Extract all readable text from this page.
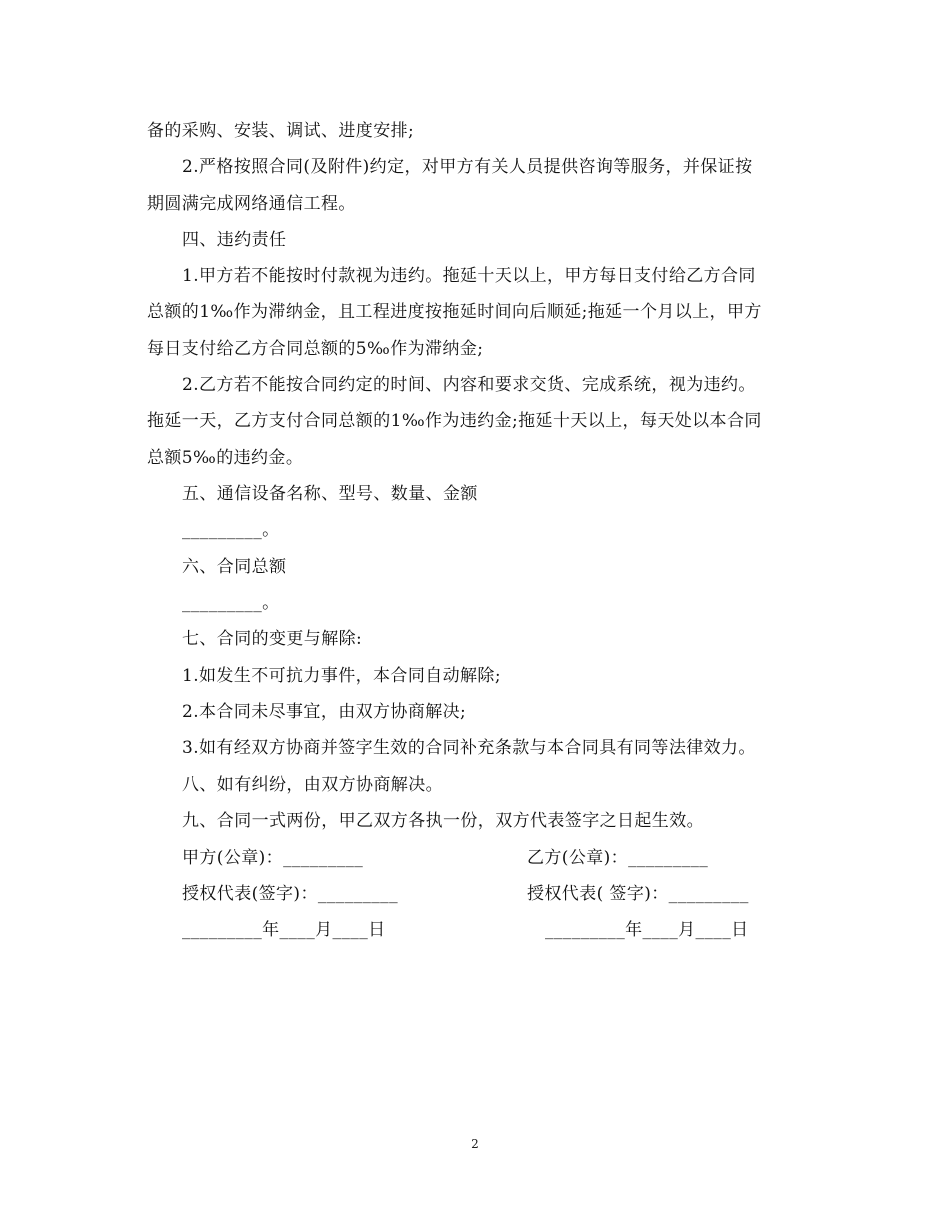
备的采购、安装、调试、进度安排;
2.严格按照合同(及附件)约定，对甲方有关人员提供咨询等服务，并保证按
期圆满完成网络通信工程。
四、违约责任
1.甲方若不能按时付款视为违约。拖延十天以上，甲方每日支付给乙方合同
总额的1‰作为滞纳金，且工程进度按拖延时间向后顺延;拖延一个月以上，甲方
每日支付给乙方合同总额的5‰作为滞纳金;
2.乙方若不能按合同约定的时间、内容和要求交货、完成系统，视为违约。
拖延一天，乙方支付合同总额的1‰作为违约金;拖延十天以上，每天处以本合同
总额5‰的违约金。
五、通信设备名称、型号、数量、金额
_________。
六、合同总额
_________。
七、合同的变更与解除:
1.如发生不可抗力事件，本合同自动解除;
2.本合同未尽事宜，由双方协商解决;
3.如有经双方协商并签字生效的合同补充条款与本合同具有同等法律效力。
八、如有纠纷，由双方协商解决。
九、合同一式两份，甲乙双方各执一份，双方代表签字之日起生效。
甲方(公章)：_________	乙方(公章)：_________
授权代表(签字)：_________	授权代表( 签字)：_________
_________年____月____日	_________年____月____日
2
